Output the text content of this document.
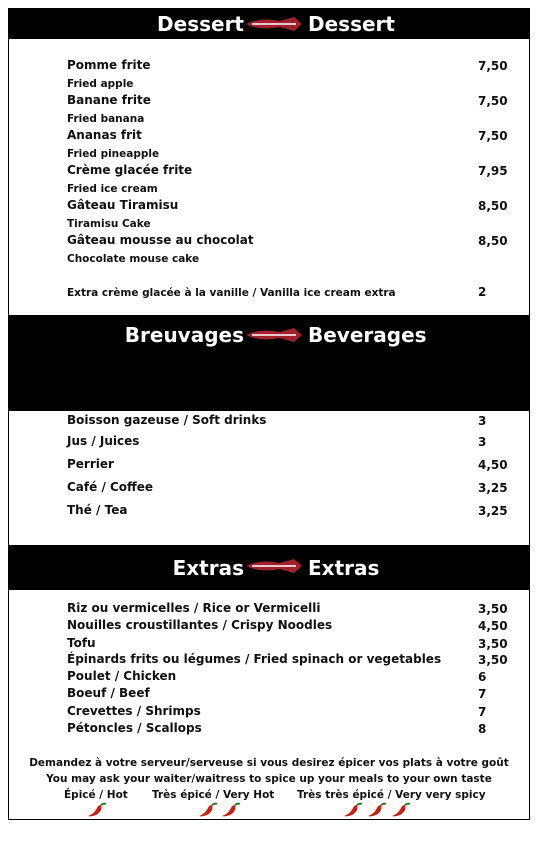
Dessert	Dessert
Pomme frite	7,50
Fried apple
Banane frite	7,50
Fried banana
Ananas frit	7,50
Fried pineapple
Crème glacée frite	7,95
Fried ice cream
Gâteau Tiramisu	8,50
Tiramisu Cake
Gâteau mousse au chocolat	8,50
Chocolate mouse cake
Extra crème glacée à la vanille / Vanilla ice cream extra	2
Breuvages	Beverages
Boisson gazeuse / Soft drinks	3
Jus / Juices	3
Perrier	4,50
Café / Coffee	3,25
Thé / Tea	3,25
Extras	Extras
Riz ou vermicelles / Rice or Vermicelli	3,50
Nouilles croustillantes / Crispy Noodles	4,50
Tofu	3,50
Épinards frits ou légumes / Fried spinach or vegetables	3,50
Poulet / Chicken	6
Boeuf / Beef	7
Crevettes / Shrimps	7
Pétoncles / Scallops	8
Demandez à votre serveur/serveuse si vous desirez épicer vos plats à votre goût
You may ask your waiter/waitress to spice up your meals to your own taste
Épicé / Hot Très épicé / Very Hot Très très épicé / Very very spicy
